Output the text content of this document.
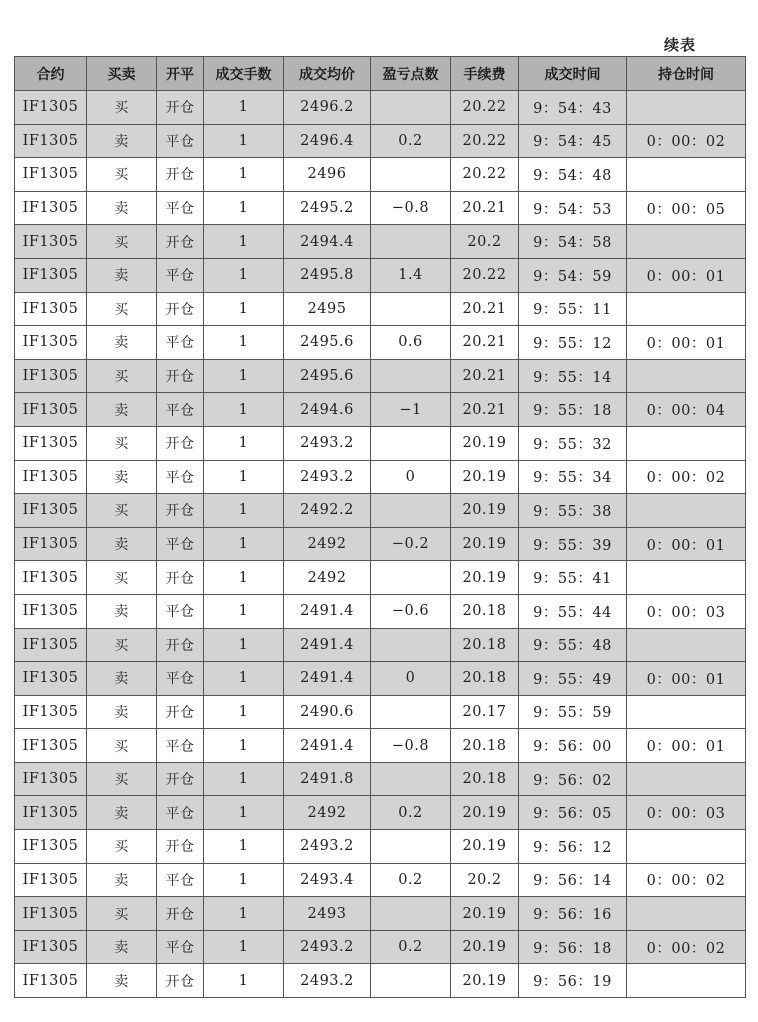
续表
合约	买卖	开平	成交手数	成交均价	盈亏点数	手续费	成交时间	持仓时间
IF1305	买	开仓	1	2496.2		20.22	9：54：43	
IF1305	卖	平仓	1	2496.4	0.2	20.22	9：54：45	0：00：02
IF1305	买	开仓	1	2496		20.22	9：54：48	
IF1305	卖	平仓	1	2495.2	−0.8	20.21	9：54：53	0：00：05
IF1305	买	开仓	1	2494.4		20.2	9：54：58	
IF1305	卖	平仓	1	2495.8	1.4	20.22	9：54：59	0：00：01
IF1305	买	开仓	1	2495		20.21	9：55：11	
IF1305	卖	平仓	1	2495.6	0.6	20.21	9：55：12	0：00：01
IF1305	买	开仓	1	2495.6		20.21	9：55：14	
IF1305	卖	平仓	1	2494.6	−1	20.21	9：55：18	0：00：04
IF1305	买	开仓	1	2493.2		20.19	9：55：32	
IF1305	卖	平仓	1	2493.2	0	20.19	9：55：34	0：00：02
IF1305	买	开仓	1	2492.2		20.19	9：55：38	
IF1305	卖	平仓	1	2492	−0.2	20.19	9：55：39	0：00：01
IF1305	买	开仓	1	2492		20.19	9：55：41	
IF1305	卖	平仓	1	2491.4	−0.6	20.18	9：55：44	0：00：03
IF1305	买	开仓	1	2491.4		20.18	9：55：48	
IF1305	卖	平仓	1	2491.4	0	20.18	9：55：49	0：00：01
IF1305	卖	开仓	1	2490.6		20.17	9：55：59	
IF1305	买	平仓	1	2491.4	−0.8	20.18	9：56：00	0：00：01
IF1305	买	开仓	1	2491.8		20.18	9：56：02	
IF1305	卖	平仓	1	2492	0.2	20.19	9：56：05	0：00：03
IF1305	买	开仓	1	2493.2		20.19	9：56：12	
IF1305	卖	平仓	1	2493.4	0.2	20.2	9：56：14	0：00：02
IF1305	买	开仓	1	2493		20.19	9：56：16	
IF1305	卖	平仓	1	2493.2	0.2	20.19	9：56：18	0：00：02
IF1305	卖	开仓	1	2493.2		20.19	9：56：19	
